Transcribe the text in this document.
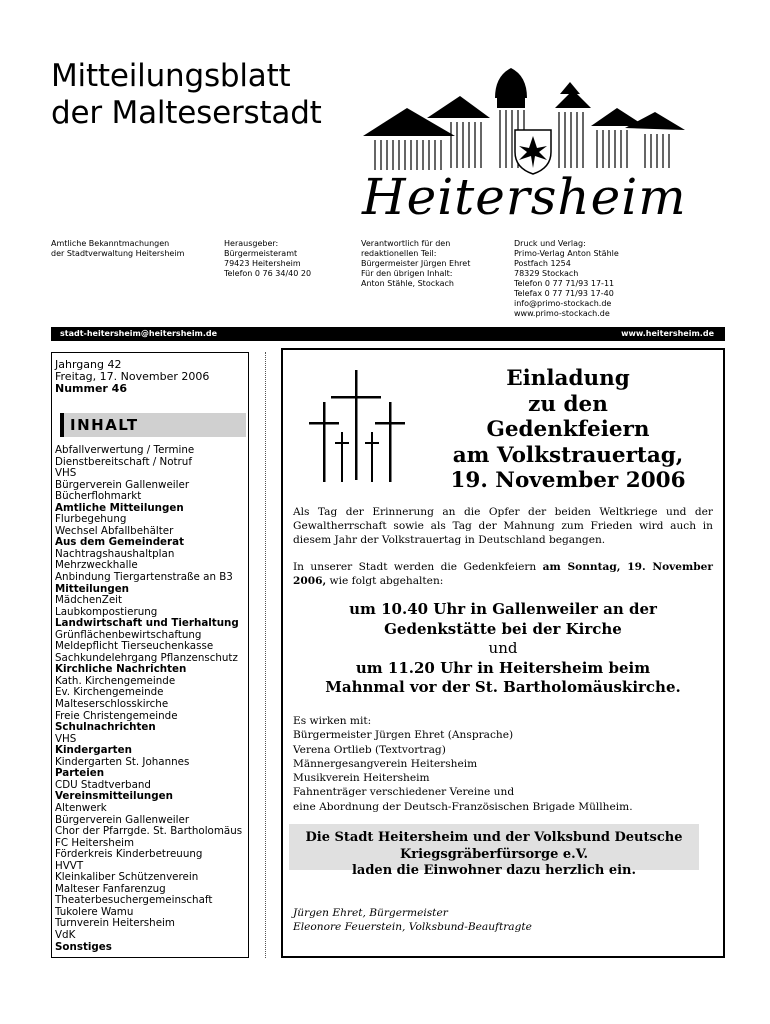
Mitteilungsblatt
der Malteserstadt
Heitersheim
Amtliche Bekanntmachungen
der Stadtverwaltung Heitersheim
Herausgeber:
Bürgermeisteramt
79423 Heitersheim
Telefon 0 76 34/40 20
Verantwortlich für den
redaktionellen Teil:
Bürgermeister Jürgen Ehret
Für den übrigen Inhalt:
Anton Stähle, Stockach
Druck und Verlag:
Primo-Verlag Anton Stähle
Postfach 1254
78329 Stockach
Telefon 0 77 71/93 17-11
Telefax 0 77 71/93 17-40
info@primo-stockach.de
www.primo-stockach.de
stadt-heitersheim@heitersheim.de	www.heitersheim.de
Jahrgang 42
Freitag, 17. November 2006
Nummer 46
INHALT
Abfallverwertung / Termine
Dienstbereitschaft / Notruf
VHS
Bürgerverein Gallenweiler
Bücherflohmarkt
Amtliche Mitteilungen
Flurbegehung
Wechsel Abfallbehälter
Aus dem Gemeinderat
Nachtragshaushaltplan
Mehrzweckhalle
Anbindung Tiergartenstraße an B3
Mitteilungen
MädchenZeit
Laubkompostierung
Landwirtschaft und Tierhaltung
Grünflächenbewirtschaftung
Meldepflicht Tierseuchenkasse
Sachkundelehrgang Pflanzenschutz
Kirchliche Nachrichten
Kath. Kirchengemeinde
Ev. Kirchengemeinde
Malteserschlosskirche
Freie Christengemeinde
Schulnachrichten
VHS
Kindergarten
Kindergarten St. Johannes
Parteien
CDU Stadtverband
Vereinsmitteilungen
Altenwerk
Bürgerverein Gallenweiler
Chor der Pfarrgde. St. Bartholomäus
FC Heitersheim
Förderkreis Kinderbetreuung
HVVT
Kleinkaliber Schützenverein
Malteser Fanfarenzug
Theaterbesuchergemeinschaft
Tukolere Wamu
Turnverein Heitersheim
VdK
Sonstiges
Einladung
zu den
Gedenkfeiern
am Volkstrauertag,
19. November 2006
Als Tag der Erinnerung an die Opfer der beiden Weltkriege und der Gewaltherrschaft sowie als Tag der Mahnung zum Frieden wird auch in diesem Jahr der Volkstrauertag in Deutschland begangen.
In unserer Stadt werden die Gedenkfeiern am Sonntag, 19. November 2006, wie folgt abgehalten:
um 10.40 Uhr in Gallenweiler an der
Gedenkstätte bei der Kirche
und
um 11.20 Uhr in Heitersheim beim
Mahnmal vor der St. Bartholomäuskirche.
Es wirken mit:
Bürgermeister Jürgen Ehret (Ansprache)
Verena Ortlieb (Textvortrag)
Männergesangverein Heitersheim
Musikverein Heitersheim
Fahnenträger verschiedener Vereine und
eine Abordnung der Deutsch-Französischen Brigade Müllheim.
Die Stadt Heitersheim und der Volksbund Deutsche
Kriegsgräberfürsorge e.V.
laden die Einwohner dazu herzlich ein.
Jürgen Ehret, Bürgermeister
Eleonore Feuerstein, Volksbund-Beauftragte
